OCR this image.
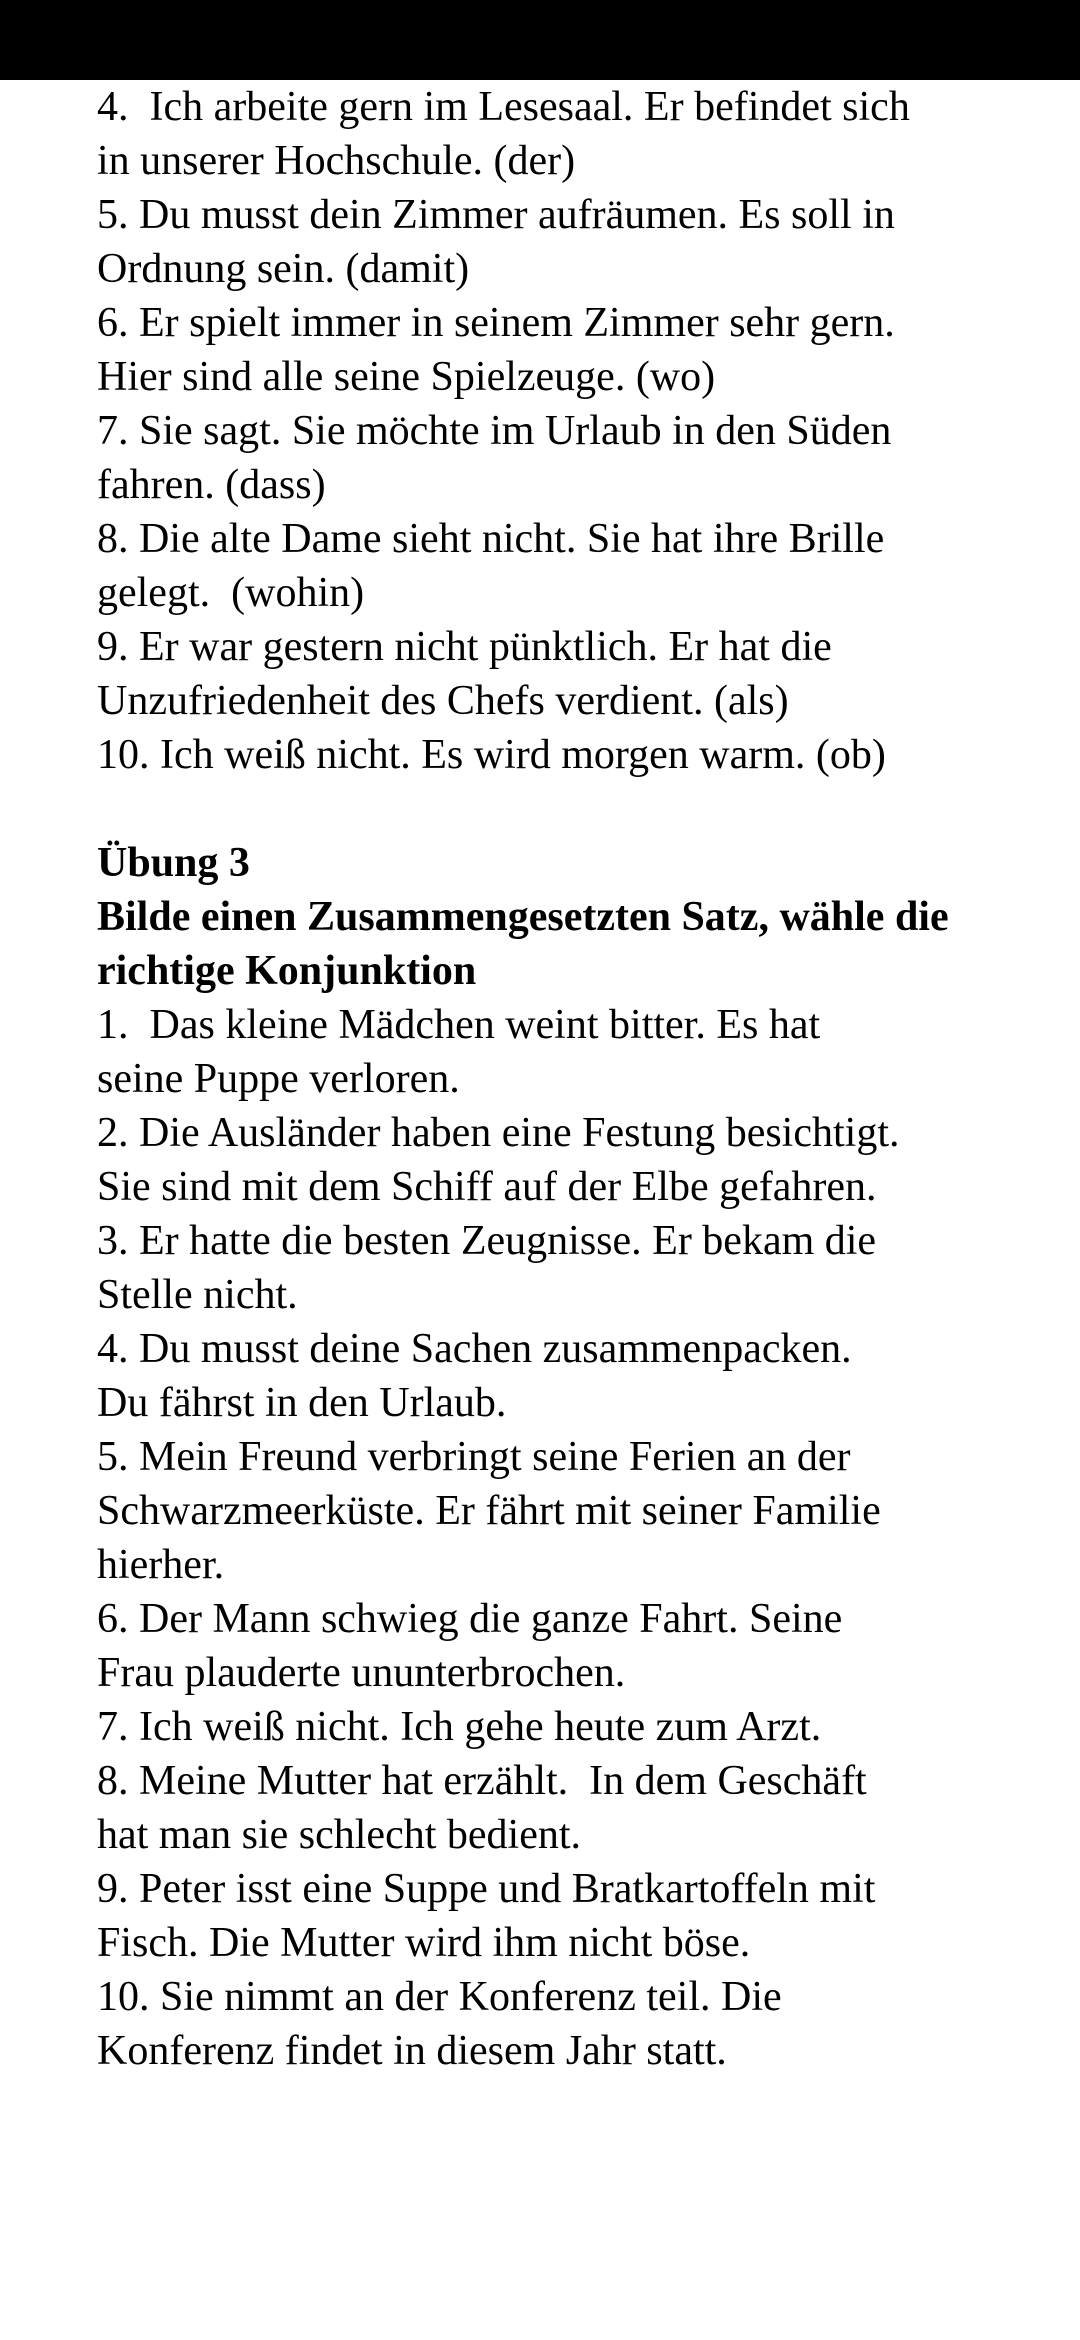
4.  Ich arbeite gern im Lesesaal. Er befindet sich
in unserer Hochschule. (der)
5. Du musst dein Zimmer aufräumen. Es soll in
Ordnung sein. (damit)
6. Er spielt immer in seinem Zimmer sehr gern.
Hier sind alle seine Spielzeuge. (wo)
7. Sie sagt. Sie möchte im Urlaub in den Süden
fahren. (dass)
8. Die alte Dame sieht nicht. Sie hat ihre Brille
gelegt.  (wohin)
9. Er war gestern nicht pünktlich. Er hat die
Unzufriedenheit des Chefs verdient. (als)
10. Ich weiß nicht. Es wird morgen warm. (ob)
Übung 3
Bilde einen Zusammengesetzten Satz, wähle die
richtige Konjunktion
1.  Das kleine Mädchen weint bitter. Es hat
seine Puppe verloren.
2. Die Ausländer haben eine Festung besichtigt.
Sie sind mit dem Schiff auf der Elbe gefahren.
3. Er hatte die besten Zeugnisse. Er bekam die
Stelle nicht.
4. Du musst deine Sachen zusammenpacken.
Du fährst in den Urlaub.
5. Mein Freund verbringt seine Ferien an der
Schwarzmeerküste. Er fährt mit seiner Familie
hierher.
6. Der Mann schwieg die ganze Fahrt. Seine
Frau plauderte ununterbrochen.
7. Ich weiß nicht. Ich gehe heute zum Arzt.
8. Meine Mutter hat erzählt.  In dem Geschäft
hat man sie schlecht bedient.
9. Peter isst eine Suppe und Bratkartoffeln mit
Fisch. Die Mutter wird ihm nicht böse.
10. Sie nimmt an der Konferenz teil. Die
Konferenz findet in diesem Jahr statt.
